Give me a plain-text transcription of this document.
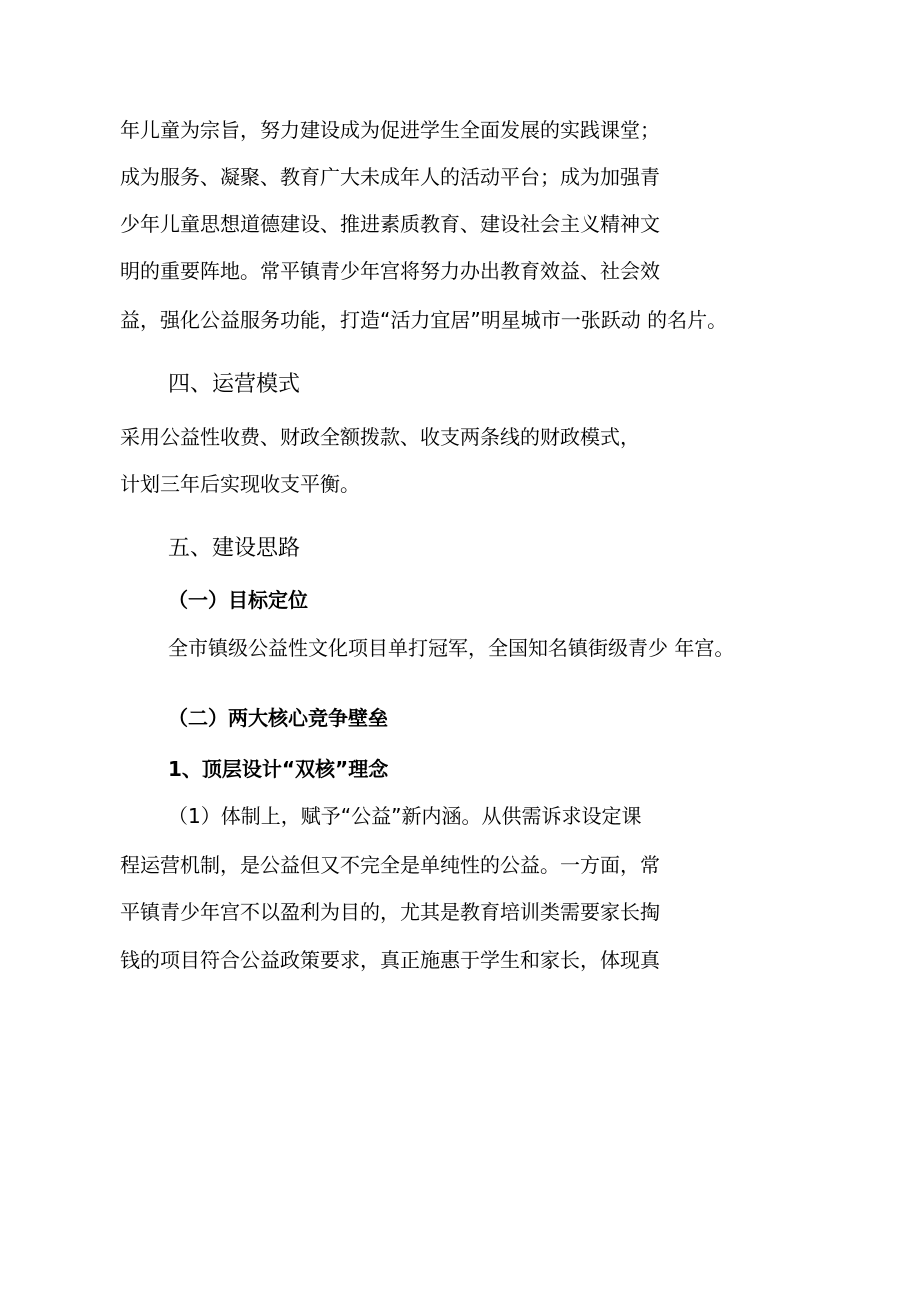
年儿童为宗旨，努力建设成为促进学生全面发展的实践课堂；

成为服务、凝聚、教育广大未成年人的活动平台；成为加强青

少年儿童思想道德建设、推进素质教育、建设社会主义精神文

明的重要阵地。常平镇青少年宫将努力办出教育效益、社会效

益，强化公益服务功能，打造“活力宜居”明星城市一张跃动 的名片。

四、运营模式

采用公益性收费、财政全额拨款、收支两条线的财政模式，

计划三年后实现收支平衡。

五、建设思路

（一）目标定位

全市镇级公益性文化项目单打冠军，全国知名镇街级青少 年宫。

（二）两大核心竞争壁垒

1、顶层设计“双核”理念

（1）体制上，赋予“公益”新内涵。从供需诉求设定课

程运营机制，是公益但又不完全是单纯性的公益。一方面，常

平镇青少年宫不以盈利为目的，尤其是教育培训类需要家长掏

钱的项目符合公益政策要求，真正施惠于学生和家长，体现真
